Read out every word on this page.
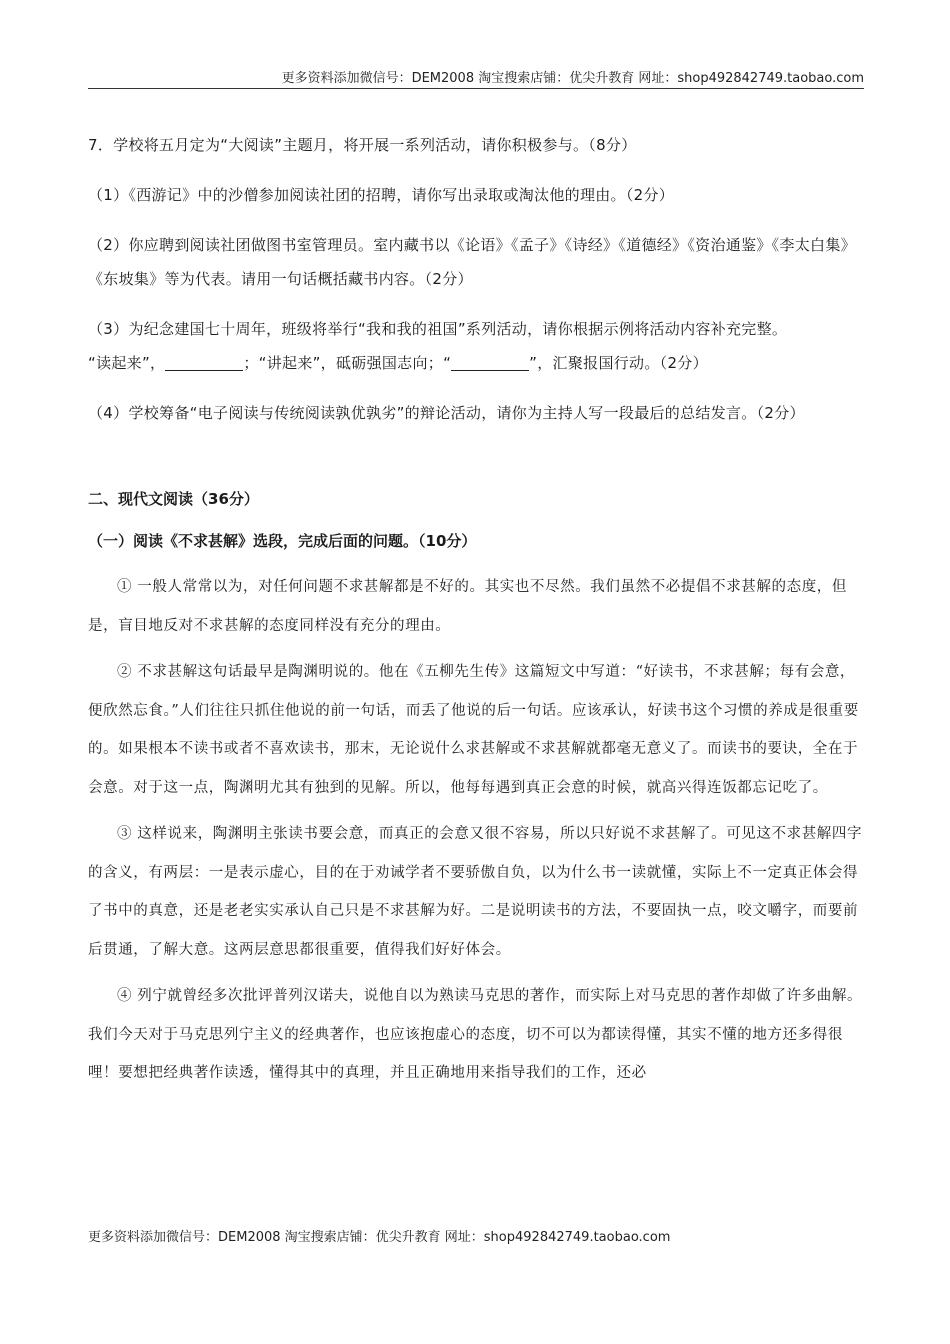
更多资料添加微信号：DEM2008 淘宝搜索店铺：优尖升教育 网址：shop492842749.taobao.com

7．学校将五月定为“大阅读”主题月，将开展一系列活动，请你积极参与。（8分）

（1）《西游记》中的沙僧参加阅读社团的招聘，请你写出录取或淘汰他的理由。（2分）

（2）你应聘到阅读社团做图书室管理员。室内藏书以《论语》《孟子》《诗经》《道德经》《资治通鉴》《李太白集》《东坡集》等为代表。请用一句话概括藏书内容。（2分）

（3）为纪念建国七十周年，班级将举行“我和我的祖国”系列活动，请你根据示例将活动内容补充完整。

“读起来”，	；“讲起来”，砥砺强国志向；“	”，汇聚报国行动。（2分）

（4）学校筹备“电子阅读与传统阅读孰优孰劣”的辩论活动，请你为主持人写一段最后的总结发言。（2分）

二、现代文阅读（36分）

（一）阅读《不求甚解》选段，完成后面的问题。（10分）

① 一般人常常以为，对任何问题不求甚解都是不好的。其实也不尽然。我们虽然不必提倡不求甚解的态度，但是，盲目地反对不求甚解的态度同样没有充分的理由。

② 不求甚解这句话最早是陶渊明说的。他在《五柳先生传》这篇短文中写道：“好读书，不求甚解；每有会意，便欣然忘食。”人们往往只抓住他说的前一句话，而丢了他说的后一句话。应该承认，好读书这个习惯的养成是很重要的。如果根本不读书或者不喜欢读书，那末，无论说什么求甚解或不求甚解就都毫无意义了。而读书的要诀，全在于会意。对于这一点，陶渊明尤其有独到的见解。所以，他每每遇到真正会意的时候，就高兴得连饭都忘记吃了。

③ 这样说来，陶渊明主张读书要会意，而真正的会意又很不容易，所以只好说不求甚解了。可见这不求甚解四字的含义，有两层：一是表示虚心，目的在于劝诫学者不要骄傲自负，以为什么书一读就懂，实际上不一定真正体会得了书中的真意，还是老老实实承认自己只是不求甚解为好。二是说明读书的方法，不要固执一点，咬文嚼字，而要前后贯通，了解大意。这两层意思都很重要，值得我们好好体会。

④ 列宁就曾经多次批评普列汉诺夫，说他自以为熟读马克思的著作，而实际上对马克思的著作却做了许多曲解。我们今天对于马克思列宁主义的经典著作，也应该抱虚心的态度，切不可以为都读得懂，其实不懂的地方还多得很哩！要想把经典著作读透，懂得其中的真理，并且正确地用来指导我们的工作，还必

更多资料添加微信号：DEM2008 淘宝搜索店铺：优尖升教育 网址：shop492842749.taobao.com
